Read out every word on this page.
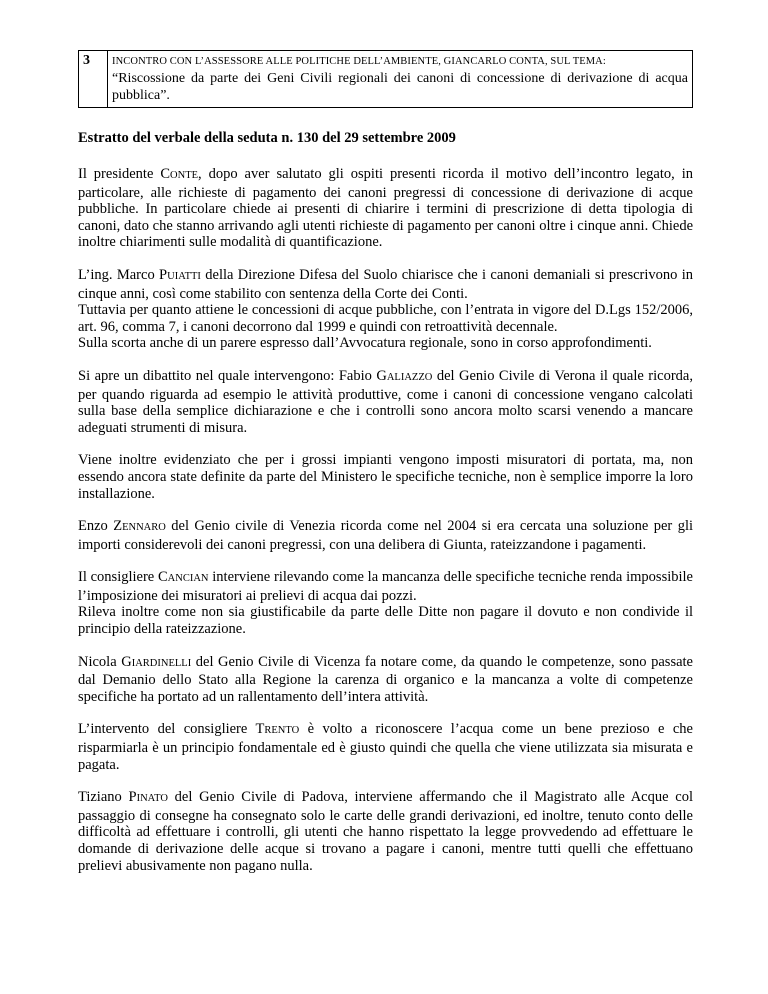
3	INCONTRO CON L’ASSESSORE ALLE POLITICHE DELL’AMBIENTE, GIANCARLO CONTA, SUL TEMA:
“Riscossione da parte dei Geni Civili regionali dei canoni di concessione di derivazione di acqua pubblica”.
Estratto del verbale della seduta n. 130 del 29 settembre 2009

Il presidente CONTE, dopo aver salutato gli ospiti presenti ricorda il motivo dell’incontro legato, in particolare, alle richieste di pagamento dei canoni pregressi di concessione di derivazione di acque pubbliche. In particolare chiede ai presenti di chiarire i termini di prescrizione di detta tipologia di canoni, dato che stanno arrivando agli utenti richieste di pagamento per canoni oltre i cinque anni. Chiede inoltre chiarimenti sulle modalità di quantificazione.

L’ing. Marco PUIATTI della Direzione Difesa del Suolo chiarisce che i canoni demaniali si prescrivono in cinque anni, così come stabilito con sentenza della Corte dei Conti.
Tuttavia per quanto attiene le concessioni di acque pubbliche, con l’entrata in vigore del D.Lgs 152/2006, art. 96, comma 7, i canoni decorrono dal 1999 e quindi con retroattività decennale.
Sulla scorta anche di un parere espresso dall’Avvocatura regionale, sono in corso approfondimenti.

Si apre un dibattito nel quale intervengono: Fabio GALIAZZO del Genio Civile di Verona il quale ricorda, per quando riguarda ad esempio le attività produttive, come i canoni di concessione vengano calcolati sulla base della semplice dichiarazione e che i controlli sono ancora molto scarsi venendo a mancare adeguati strumenti di misura.

Viene inoltre evidenziato che per i grossi impianti vengono imposti misuratori di portata, ma, non essendo ancora state definite da parte del Ministero le specifiche tecniche, non è semplice imporre la loro installazione.

Enzo ZENNARO del Genio civile di Venezia ricorda come nel 2004 si era cercata una soluzione per gli importi considerevoli dei canoni pregressi, con una delibera di Giunta, rateizzandone i pagamenti.

Il consigliere CANCIAN interviene rilevando come la mancanza delle specifiche tecniche renda impossibile l’imposizione dei misuratori ai prelievi di acqua dai pozzi.
Rileva inoltre come non sia giustificabile da parte delle Ditte non pagare il dovuto e non condivide il principio della rateizzazione.

Nicola GIARDINELLI del Genio Civile di Vicenza fa notare come, da quando le competenze, sono passate dal Demanio dello Stato alla Regione la carenza di organico e la mancanza a volte di competenze specifiche ha portato ad un rallentamento dell’intera attività.

L’intervento del consigliere TRENTO è volto a riconoscere l’acqua come un bene prezioso e che risparmiarla è un principio fondamentale ed è giusto quindi che quella che viene utilizzata sia misurata e pagata.

Tiziano PINATO del Genio Civile di Padova, interviene affermando che il Magistrato alle Acque col passaggio di consegne ha consegnato solo le carte delle grandi derivazioni, ed inoltre, tenuto conto delle difficoltà ad effettuare i controlli, gli utenti che hanno rispettato la legge provvedendo ad effettuare le domande di derivazione delle acque si trovano a pagare i canoni, mentre tutti quelli che effettuano prelievi abusivamente non pagano nulla.
